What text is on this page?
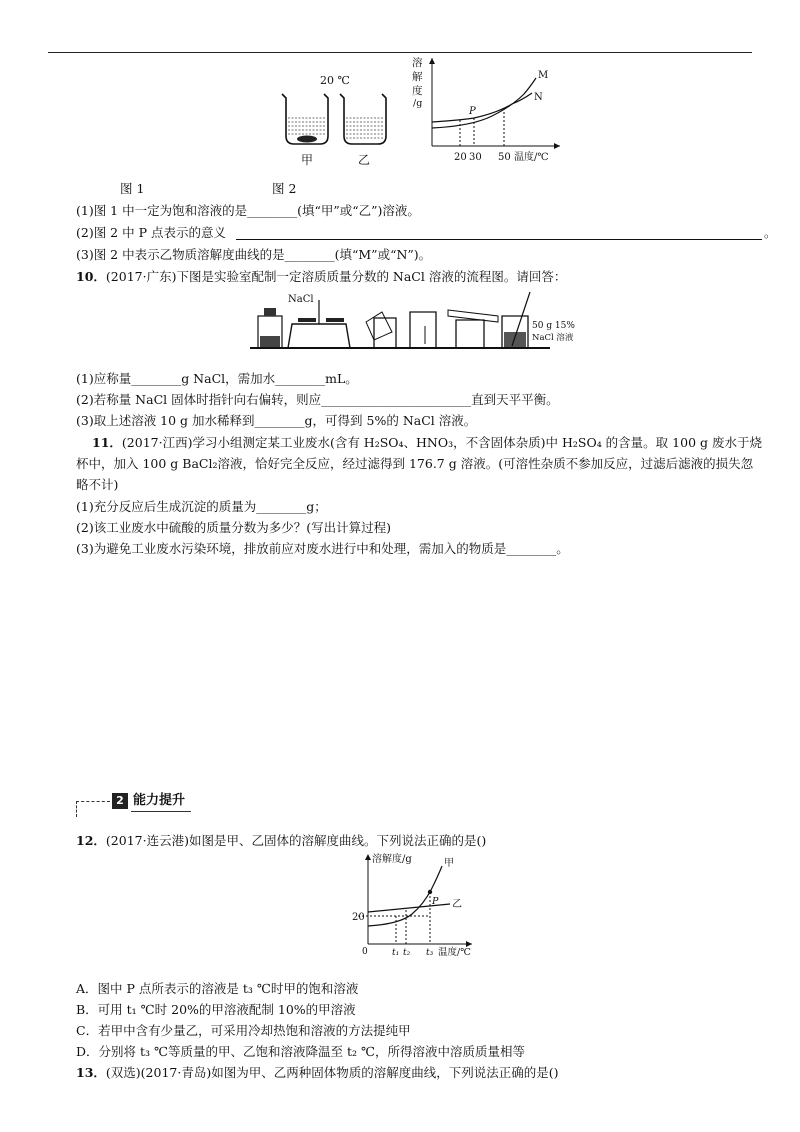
20 ℃
甲	乙
溶
解
度
/g
M
N
P
20 30 50 温度/℃
图 1	图 2
(1)图 1 中一定为饱和溶液的是________(填“甲”或“乙”)溶液。
(2)图 2 中 P 点表示的意义	。
(3)图 2 中表示乙物质溶解度曲线的是________(填“M”或“N”)。
10．(2017·广东)下图是实验室配制一定溶质质量分数的 NaCl 溶液的流程图。请回答：
NaCl
50 g 15%
NaCl 溶液
(1)应称量________g NaCl，需加水________mL。
(2)若称量 NaCl 固体时指针向右偏转，则应________________________直到天平平衡。
(3)取上述溶液 10 g 加水稀释到________g，可得到 5%的 NaCl 溶液。
11．(2017·江西)学习小组测定某工业废水(含有 H₂SO₄、HNO₃，不含固体杂质)中 H₂SO₄ 的含量。取 100 g 废水于烧
杯中，加入 100 g BaCl₂溶液，恰好完全反应，经过滤得到 176.7 g 溶液。(可溶性杂质不参加反应，过滤后滤液的损失忽
略不计)
(1)充分反应后生成沉淀的质量为________g；
(2)该工业废水中硫酸的质量分数为多少？(写出计算过程)
(3)为避免工业废水污染环境，排放前应对废水进行中和处理，需加入的物质是________。
2 能力提升
12．(2017·连云港)如图是甲、乙固体的溶解度曲线。下列说法正确的是()
溶解度/g	甲
乙
P
20
0	t₁ t₂ t₃ 温度/℃
A．图中 P 点所表示的溶液是 t₃ ℃时甲的饱和溶液
B．可用 t₁ ℃时 20%的甲溶液配制 10%的甲溶液
C．若甲中含有少量乙，可采用冷却热饱和溶液的方法提纯甲
D．分别将 t₃ ℃等质量的甲、乙饱和溶液降温至 t₂ ℃，所得溶液中溶质质量相等
13．(双选)(2017·青岛)如图为甲、乙两种固体物质的溶解度曲线，下列说法正确的是()
